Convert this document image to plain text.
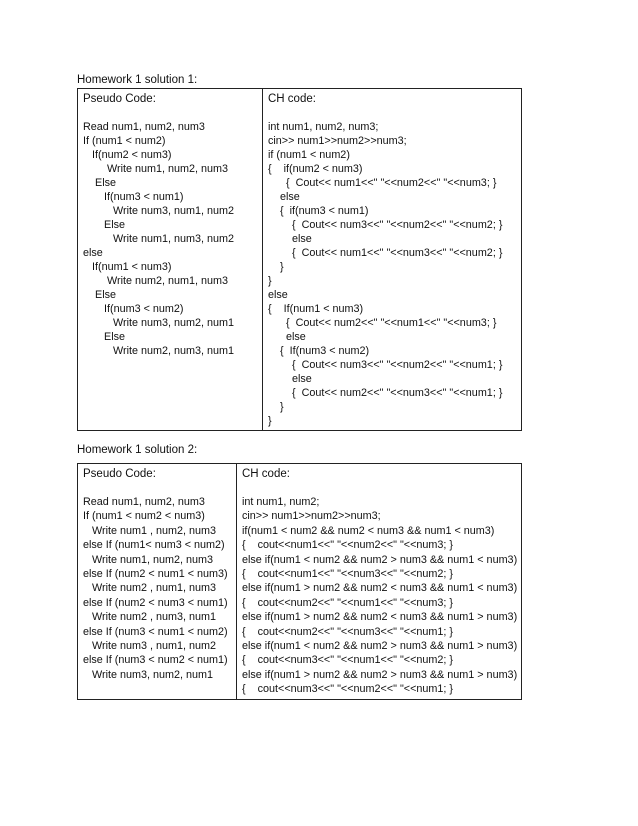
Homework 1 solution 1:
Pseudo Code:
Read num1, num2, num3
If (num1 < num2)
If(num2 < num3)
Write num1, num2, num3
Else
If(num3 < num1)
Write num3, num1, num2
Else
Write num1, num3, num2
else
If(num1 < num3)
Write num2, num1, num3
Else
If(num3 < num2)
Write num3, num2, num1
Else
Write num2, num3, num1

CH code:
int num1, num2, num3;
cin>> num1>>num2>>num3;
if (num1 < num2)
{    if(num2 < num3)
{  Cout<< num1<<" "<<num2<<" "<<num3; }
else
{  if(num3 < num1)
{  Cout<< num3<<" "<<num2<<" "<<num2; }
else
{  Cout<< num1<<" "<<num3<<" "<<num2; }
}
}
else
{    If(num1 < num3)
{  Cout<< num2<<" "<<num1<<" "<<num3; }
else
{  If(num3 < num2)
{  Cout<< num3<<" "<<num2<<" "<<num1; }
else
{  Cout<< num2<<" "<<num3<<" "<<num1; }
}
}
Homework 1 solution 2:
Pseudo Code:
Read num1, num2, num3
If (num1 < num2 < num3)
Write num1 , num2, num3
else If (num1< num3 < num2)
Write num1, num2, num3
else If (num2 < num1 < num3)
Write num2 , num1, num3
else If (num2 < num3 < num1)
Write num2 , num3, num1
else If (num3 < num1 < num2)
Write num3 , num1, num2
else If (num3 < num2 < num1)
Write num3, num2, num1

CH code:
int num1, num2;
cin>> num1>>num2>>num3;
if(num1 < num2 && num2 < num3 && num1 < num3)
{    cout<<num1<<" "<<num2<<" "<<num3; }
else if(num1 < num2 && num2 > num3 && num1 < num3)
{    cout<<num1<<" "<<num3<<" "<<num2; }
else if(num1 > num2 && num2 < num3 && num1 < num3)
{    cout<<num2<<" "<<num1<<" "<<num3; }
else if(num1 > num2 && num2 < num3 && num1 > num3)
{    cout<<num2<<" "<<num3<<" "<<num1; }
else if(num1 < num2 && num2 > num3 && num1 > num3)
{    cout<<num3<<" "<<num1<<" "<<num2; }
else if(num1 > num2 && num2 > num3 && num1 > num3)
{    cout<<num3<<" "<<num2<<" "<<num1; }
